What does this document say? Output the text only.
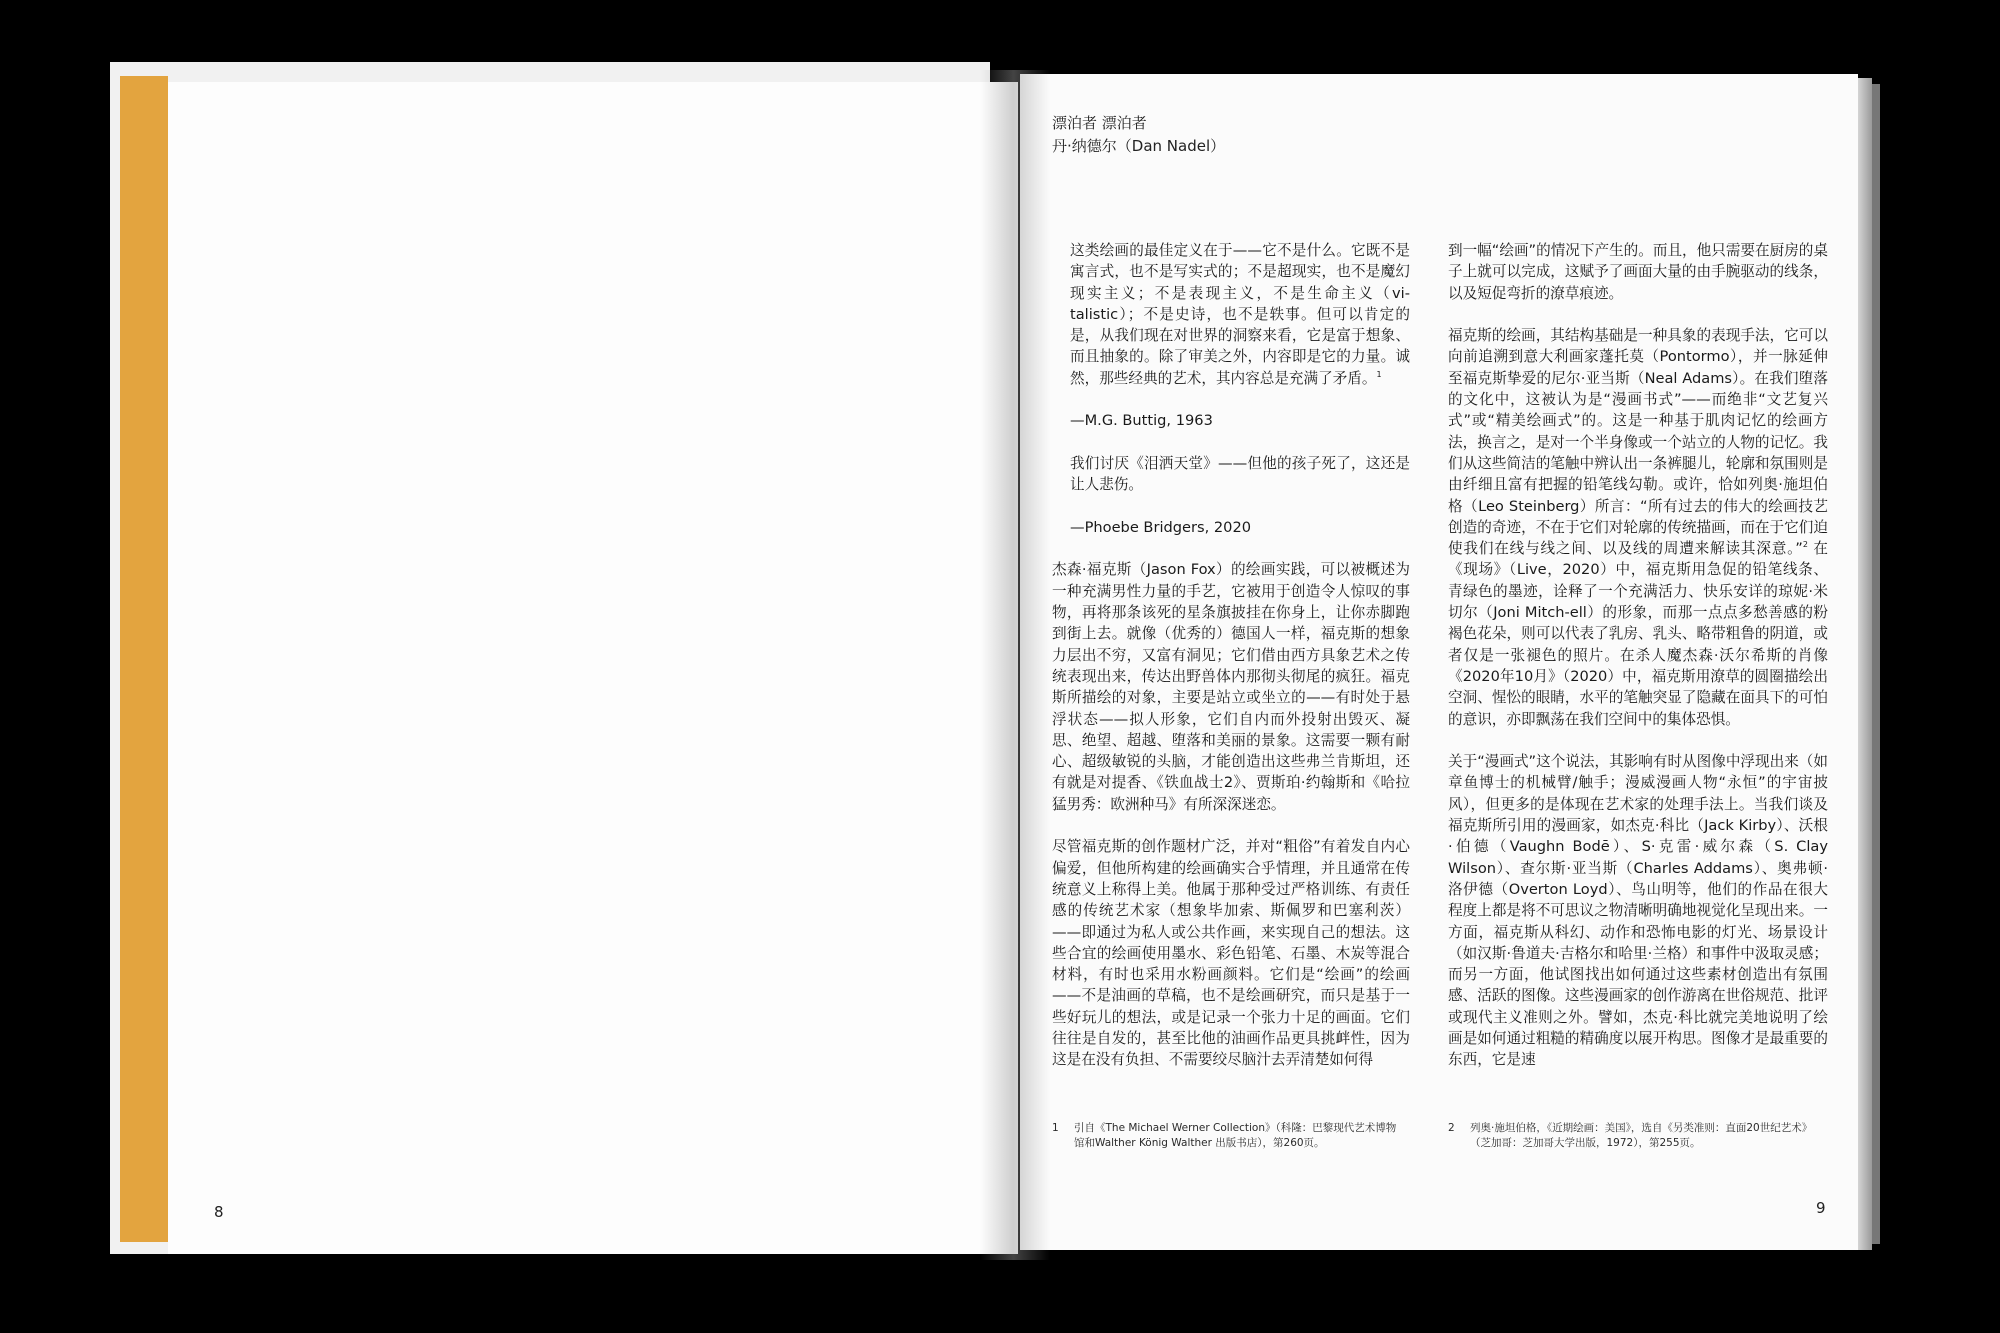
漂泊者 漂泊者
丹·纳德尔（Dan Nadel）

这类绘画的最佳定义在于——它不是什么。它既不是寓言式，也不是写实式的；不是超现实，也不是魔幻现实主义；不是表现主义，不是生命主义（vi-talistic）；不是史诗，也不是轶事。但可以肯定的是，从我们现在对世界的洞察来看，它是富于想象、而且抽象的。除了审美之外，内容即是它的力量。诚然，那些经典的艺术，其内容总是充满了矛盾。$^1$

—M.G. Buttig, 1963

我们讨厌《泪洒天堂》——但他的孩子死了，这还是让人悲伤。

—Phoebe Bridgers, 2020

杰森·福克斯（Jason Fox）的绘画实践，可以被概述为一种充满男性力量的手艺，它被用于创造令人惊叹的事物，再将那条该死的星条旗披挂在你身上，让你赤脚跑到街上去。就像（优秀的）德国人一样，福克斯的想象力层出不穷，又富有洞见；它们借由西方具象艺术之传统表现出来，传达出野兽体内那彻头彻尾的疯狂。福克斯所描绘的对象，主要是站立或坐立的——有时处于悬浮状态——拟人形象，它们自内而外投射出毁灭、凝思、绝望、超越、堕落和美丽的景象。这需要一颗有耐心、超级敏锐的头脑，才能创造出这些弗兰肯斯坦，还有就是对提香、《铁血战士2》、贾斯珀·约翰斯和《哈拉猛男秀：欧洲种马》有所深深迷恋。

尽管福克斯的创作题材广泛，并对“粗俗”有着发自内心偏爱，但他所构建的绘画确实合乎情理，并且通常在传统意义上称得上美。他属于那种受过严格训练、有责任感的传统艺术家（想象毕加索、斯佩罗和巴塞利茨）——即通过为私人或公共作画，来实现自己的想法。这些合宜的绘画使用墨水、彩色铅笔、石墨、木炭等混合材料，有时也采用水粉画颜料。它们是“绘画”的绘画——不是油画的草稿，也不是绘画研究，而只是基于一些好玩儿的想法，或是记录一个张力十足的画面。它们往往是自发的，甚至比他的油画作品更具挑衅性，因为这是在没有负担、不需要绞尽脑汁去弄清楚如何得

到一幅“绘画”的情况下产生的。而且，他只需要在厨房的桌子上就可以完成，这赋予了画面大量的由手腕驱动的线条，以及短促弯折的潦草痕迹。

福克斯的绘画，其结构基础是一种具象的表现手法，它可以向前追溯到意大利画家蓬托莫（Pontormo），并一脉延伸至福克斯挚爱的尼尔·亚当斯（Neal Adams）。在我们堕落的文化中，这被认为是“漫画书式”——而绝非“文艺复兴式”或“精美绘画式”的。这是一种基于肌肉记忆的绘画方法，换言之，是对一个半身像或一个站立的人物的记忆。我们从这些简洁的笔触中辨认出一条裤腿儿，轮廓和氛围则是由纤细且富有把握的铅笔线勾勒。或许，恰如列奥·施坦伯格（Leo Steinberg）所言：“所有过去的伟大的绘画技艺创造的奇迹，不在于它们对轮廓的传统描画，而在于它们迫使我们在线与线之间、以及线的周遭来解读其深意。”$^2$ 在《现场》（Live，2020）中，福克斯用急促的铅笔线条、青绿色的墨迹，诠释了一个充满活力、快乐安详的琼妮·米切尔（Joni Mitch-ell）的形象，而那一点点多愁善感的粉褐色花朵，则可以代表了乳房、乳头、略带粗鲁的阴道，或者仅是一张褪色的照片。在杀人魔杰森·沃尔希斯的肖像《2020年10月》（2020）中，福克斯用潦草的圆圈描绘出空洞、惺忪的眼睛，水平的笔触突显了隐藏在面具下的可怕的意识，亦即飘荡在我们空间中的集体恐惧。

关于“漫画式”这个说法，其影响有时从图像中浮现出来（如章鱼博士的机械臂/触手；漫威漫画人物“永恒”的宇宙披风），但更多的是体现在艺术家的处理手法上。当我们谈及福克斯所引用的漫画家，如杰克·科比（Jack Kirby）、沃根·伯德（Vaughn Bodē）、S·克雷·威尔森（S. Clay Wilson）、查尔斯·亚当斯（Charles Addams）、奥弗顿·洛伊德（Overton Loyd）、鸟山明等，他们的作品在很大程度上都是将不可思议之物清晰明确地视觉化呈现出来。一方面，福克斯从科幻、动作和恐怖电影的灯光、场景设计（如汉斯·鲁道夫·吉格尔和哈里·兰格）和事件中汲取灵感；而另一方面，他试图找出如何通过这些素材创造出有氛围感、活跃的图像。这些漫画家的创作游离在世俗规范、批评或现代主义准则之外。譬如，杰克·科比就完美地说明了绘画是如何通过粗糙的精确度以展开构思。图像才是最重要的东西，它是速

1 引自《The Michael Werner Collection》（科隆：巴黎现代艺术博物馆和Walther König Walther 出版书店），第260页。
2 列奥·施坦伯格，《近期绘画：美国》，选自《另类准则：直面20世纪艺术》（芝加哥：芝加哥大学出版，1972），第255页。
8	9
